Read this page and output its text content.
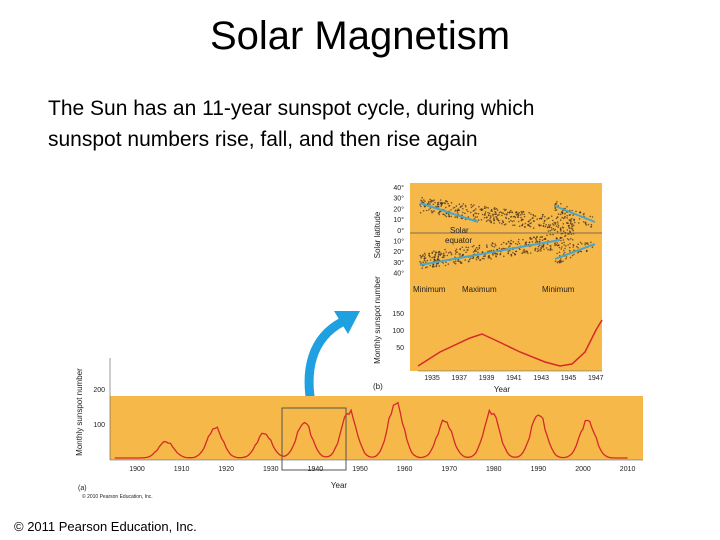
Solar Magnetism
The Sun has an 11-year sunspot cycle, during which
sunspot numbers rise, fall, and then rise again
40°
30°
20°
10°
0°
10°
20°
30°
40°
Solar latitude	Solar
equator
Minimum Maximum	Minimum
150
100
50
Monthly sunspot number
1935 1937 1939 1941 1943 1945 1947
Year
(b)
200
100
1900	1910	1920	1930	1940	1950	1960	1970	1980	1990	2000	2010
Monthly sunspot number
Year
(a)
© 2010 Pearson Education, Inc.
© 2011 Pearson Education, Inc.
